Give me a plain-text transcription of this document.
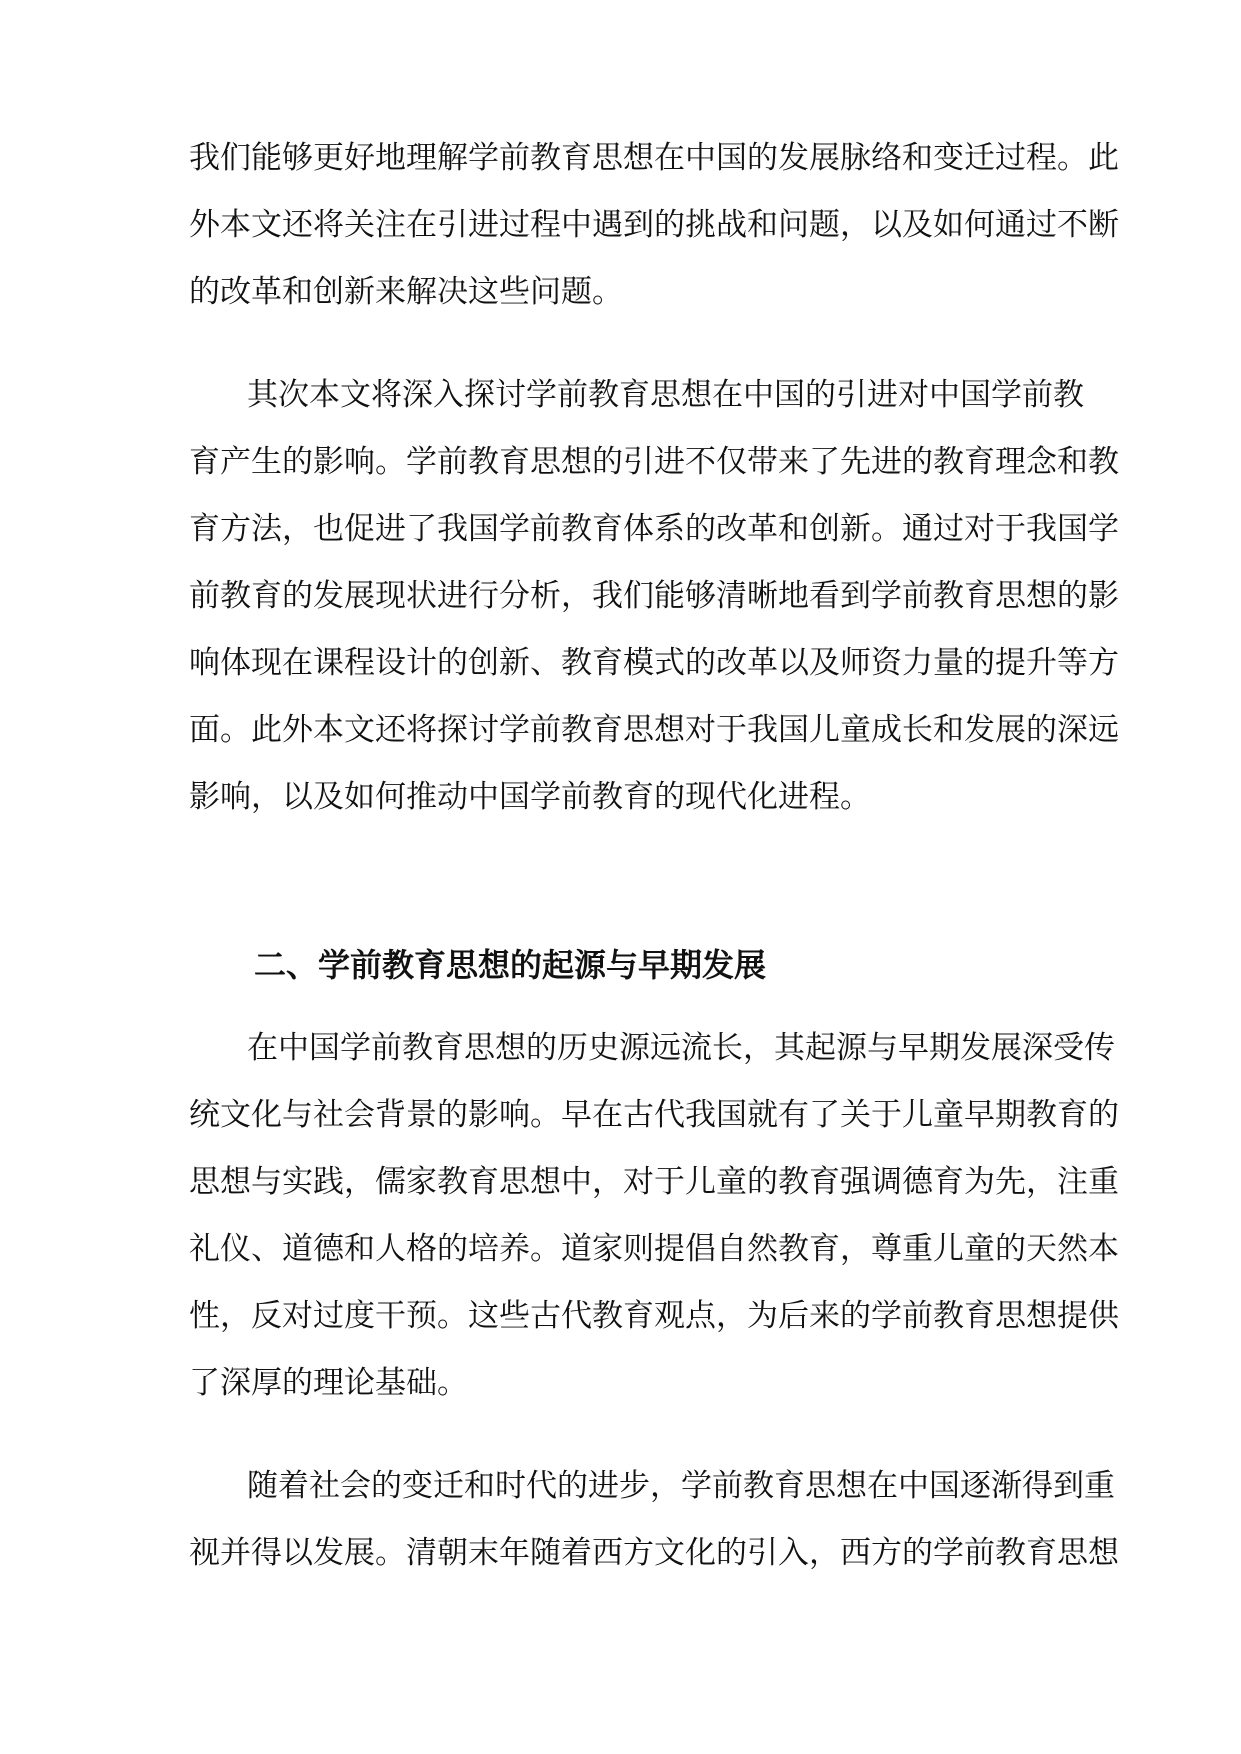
我们能够更好地理解学前教育思想在中国的发展脉络和变迁过程。此

外本文还将关注在引进过程中遇到的挑战和问题，以及如何通过不断

的改革和创新来解决这些问题。

其次本文将深入探讨学前教育思想在中国的引进对中国学前教

育产生的影响。学前教育思想的引进不仅带来了先进的教育理念和教

育方法，也促进了我国学前教育体系的改革和创新。通过对于我国学

前教育的发展现状进行分析，我们能够清晰地看到学前教育思想的影

响体现在课程设计的创新、教育模式的改革以及师资力量的提升等方

面。此外本文还将探讨学前教育思想对于我国儿童成长和发展的深远

影响，以及如何推动中国学前教育的现代化进程。

二、学前教育思想的起源与早期发展

在中国学前教育思想的历史源远流长，其起源与早期发展深受传

统文化与社会背景的影响。早在古代我国就有了关于儿童早期教育的

思想与实践，儒家教育思想中，对于儿童的教育强调德育为先，注重

礼仪、道德和人格的培养。道家则提倡自然教育，尊重儿童的天然本

性，反对过度干预。这些古代教育观点，为后来的学前教育思想提供

了深厚的理论基础。

随着社会的变迁和时代的进步，学前教育思想在中国逐渐得到重

视并得以发展。清朝末年随着西方文化的引入，西方的学前教育思想
